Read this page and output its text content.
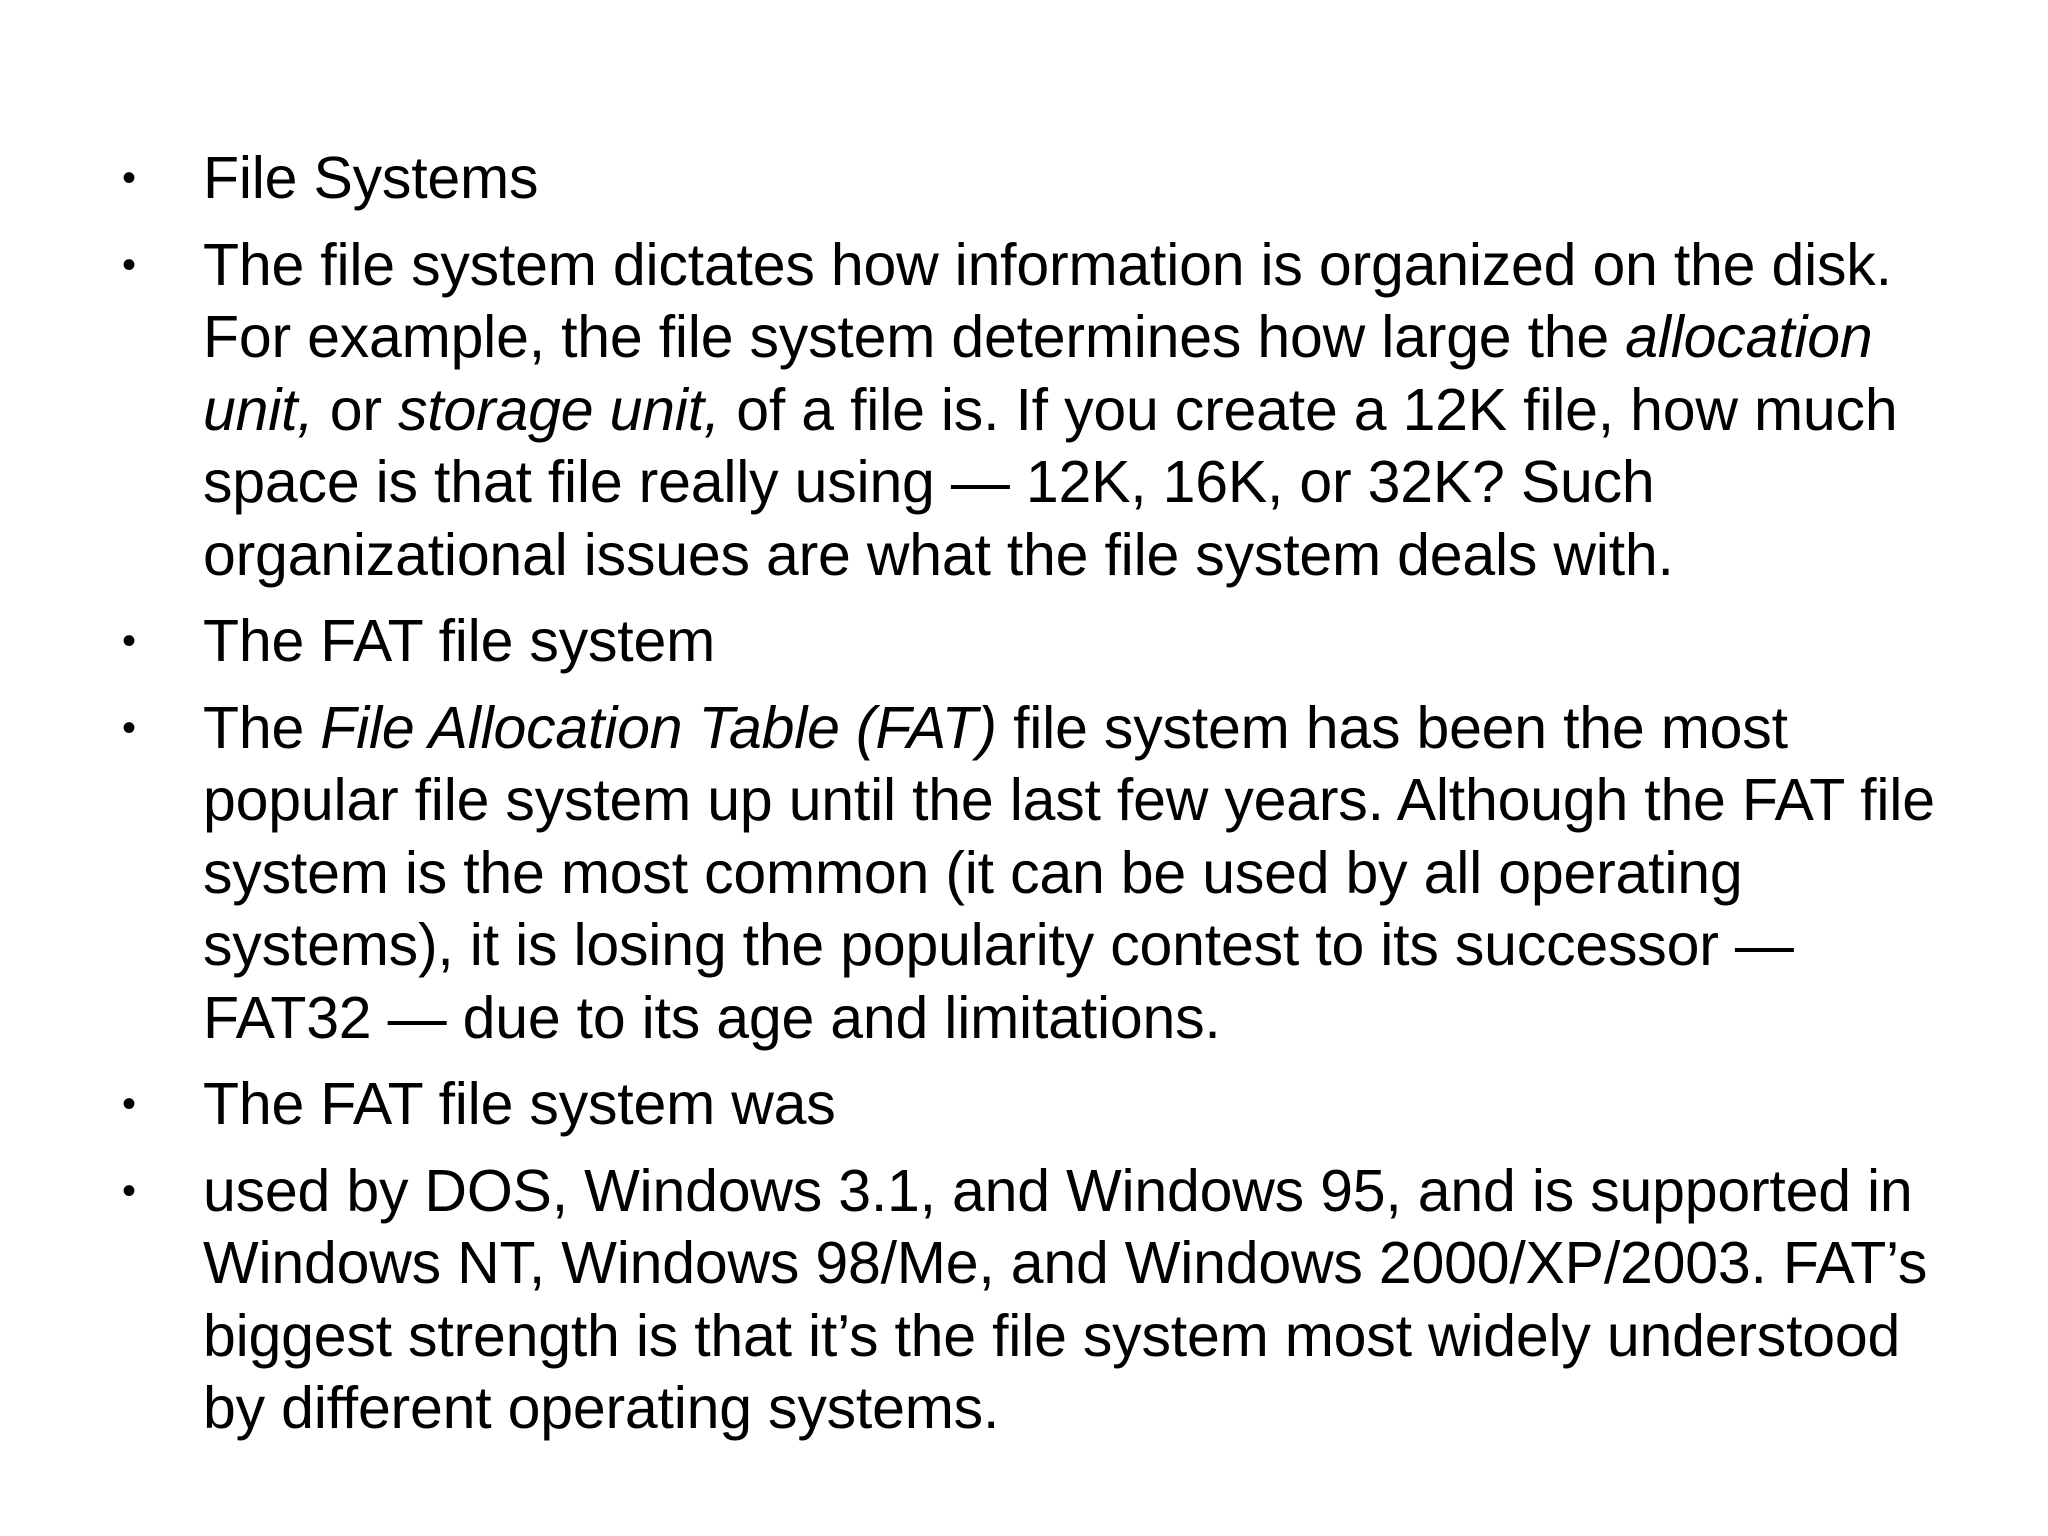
• File Systems
• The file system dictates how information is organized on the disk. For example, the file system determines how large the allocation unit, or storage unit, of a file is. If you create a 12K file, how much space is that file really using — 12K, 16K, or 32K? Such organizational issues are what the file system deals with.
• The FAT file system
• The File Allocation Table (FAT) file system has been the most popular file system up until the last few years. Although the FAT file system is the most common (it can be used by all operating systems), it is losing the popularity contest to its successor — FAT32 — due to its age and limitations.
• The FAT file system was
• used by DOS, Windows 3.1, and Windows 95, and is supported in Windows NT, Windows 98/Me, and Windows 2000/XP/2003. FAT’s biggest strength is that it’s the file system most widely understood by different operating systems.
